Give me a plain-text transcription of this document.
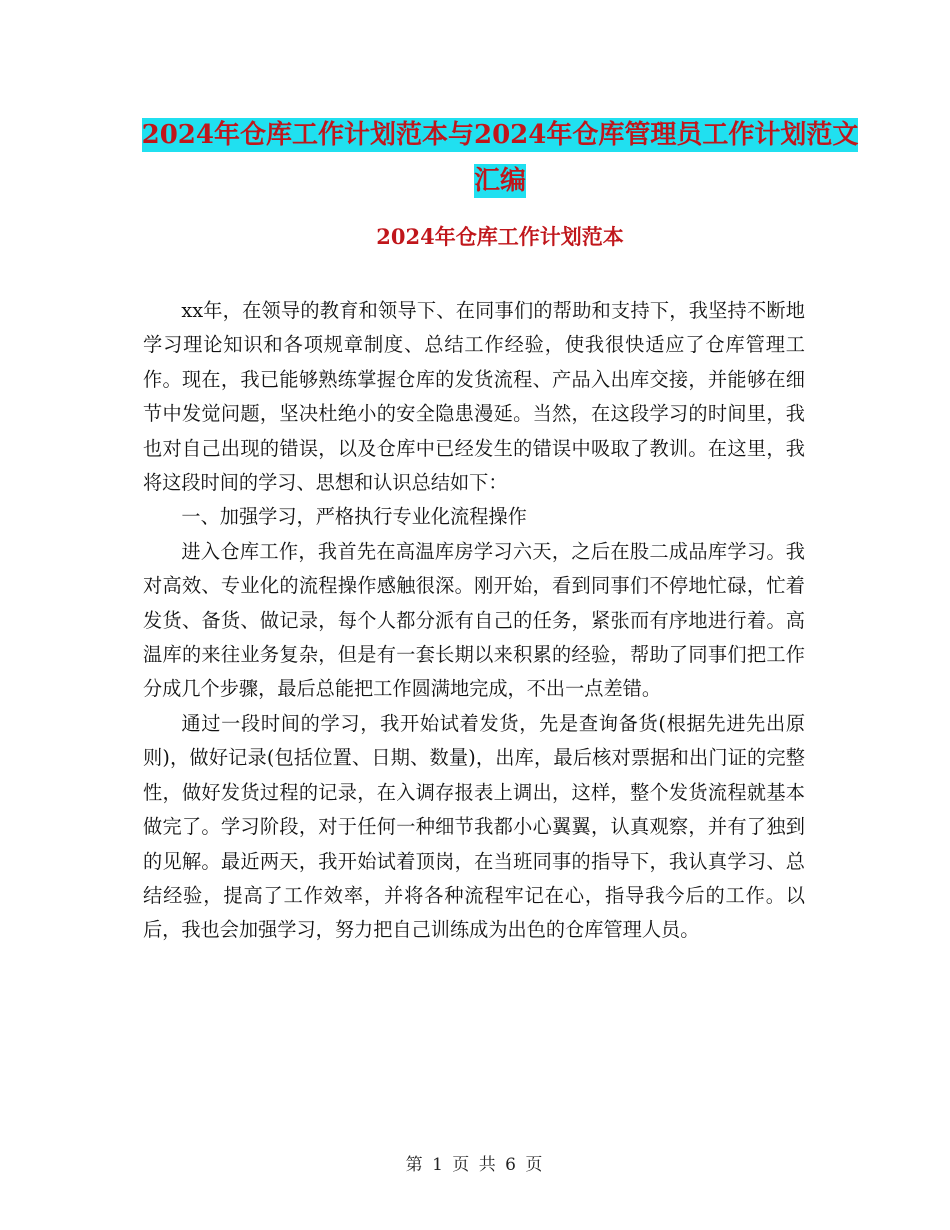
2024年仓库工作计划范本与2024年仓库管理员工作计划范文汇编
2024年仓库工作计划范本

xx年，在领导的教育和领导下、在同事们的帮助和支持下，我坚持不断地学习理论知识和各项规章制度、总结工作经验，使我很快适应了仓库管理工作。现在，我已能够熟练掌握仓库的发货流程、产品入出库交接，并能够在细节中发觉问题，坚决杜绝小的安全隐患漫延。当然，在这段学习的时间里，我也对自己出现的错误，以及仓库中已经发生的错误中吸取了教训。在这里，我将这段时间的学习、思想和认识总结如下：

一、加强学习，严格执行专业化流程操作

进入仓库工作，我首先在高温库房学习六天，之后在股二成品库学习。我对高效、专业化的流程操作感触很深。刚开始，看到同事们不停地忙碌，忙着发货、备货、做记录，每个人都分派有自己的任务，紧张而有序地进行着。高温库的来往业务复杂，但是有一套长期以来积累的经验，帮助了同事们把工作分成几个步骤，最后总能把工作圆满地完成，不出一点差错。

通过一段时间的学习，我开始试着发货，先是查询备货(根据先进先出原则)，做好记录(包括位置、日期、数量)，出库，最后核对票据和出门证的完整性，做好发货过程的记录，在入调存报表上调出，这样，整个发货流程就基本做完了。学习阶段，对于任何一种细节我都小心翼翼，认真观察，并有了独到的见解。最近两天，我开始试着顶岗，在当班同事的指导下，我认真学习、总结经验，提高了工作效率，并将各种流程牢记在心，指导我今后的工作。以后，我也会加强学习，努力把自己训练成为出色的仓库管理人员。

第 1 页 共 6 页
